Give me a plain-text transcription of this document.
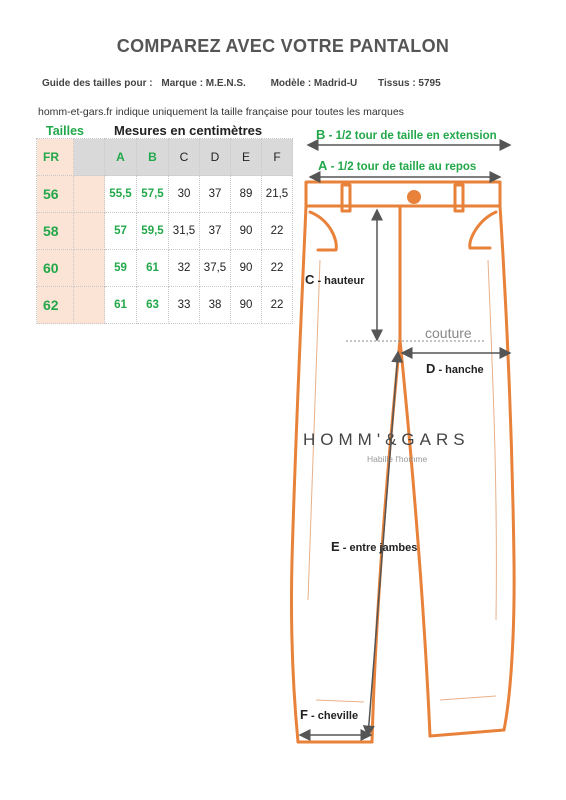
COMPAREZ AVEC VOTRE PANTALON
Guide des tailles pour : Marque : M.E.N.S. Modèle : Madrid-U Tissus : 5795
homm-et-gars.fr indique uniquement la taille française pour toutes les marques
Tailles Mesures en centimètres
FR		A	B	C	D	E	F
56		55,5	57,5	30	37	89	21,5
58		57	59,5	31,5	37	90	22
60		59	61	32	37,5	90	22
62		61	63	33	38	90	22
B - 1/2 tour de taille en extension
A - 1/2 tour de taille au repos
C - hauteur
couture
D - hanche
HOMM'&GARS
Habille l'homme
E - entre jambes
F - cheville
